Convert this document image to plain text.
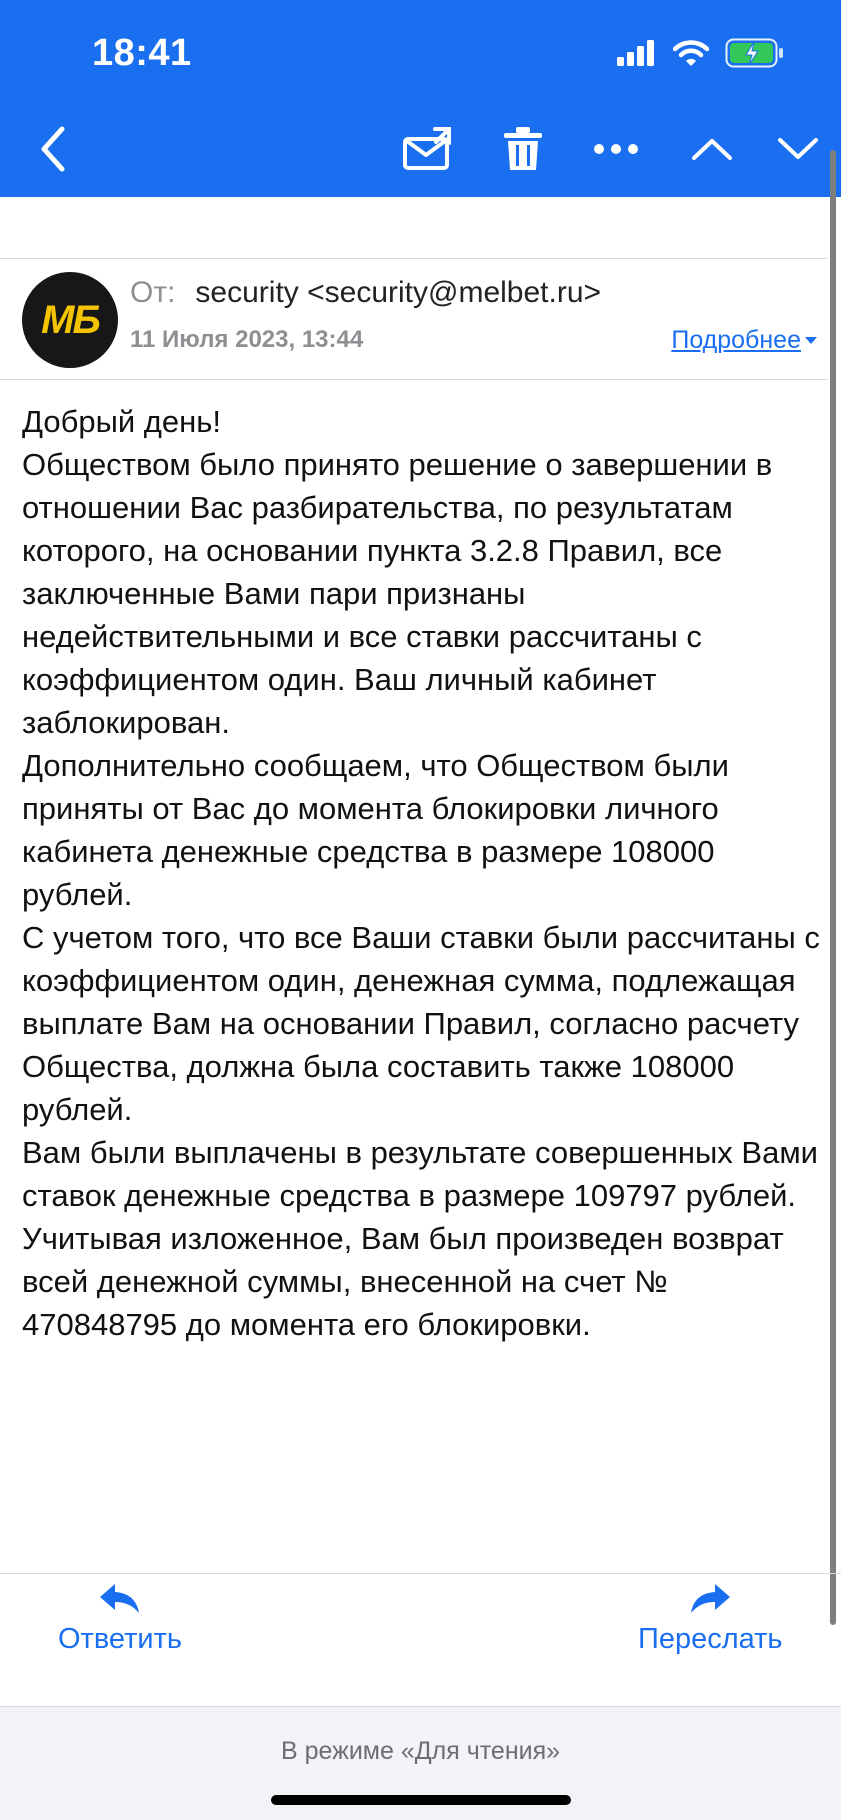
18:41
МБ
От: security <security@melbet.ru>
11 Июля 2023, 13:44	Подробнее

Добрый день!

Обществом было принято решение о завершении в отношении Вас разбирательства, по результатам которого, на основании пункта 3.2.8 Правил, все заключенные Вами пари признаны недействительными и все ставки рассчитаны с коэффициентом один. Ваш личный кабинет заблокирован.

Дополнительно сообщаем, что Обществом были приняты от Вас до момента блокировки личного кабинета денежные средства в размере 108000 рублей.

С учетом того, что все Ваши ставки были рассчитаны с коэффициентом один, денежная сумма, подлежащая выплате Вам на основании Правил, согласно расчету Общества, должна была составить также 108000 рублей.

Вам были выплачены в результате совершенных Вами ставок денежные средства в размере 109797 рублей.

Учитывая изложенное, Вам был произведен возврат всей денежной суммы, внесенной на счет № 470848795 до момента его блокировки.

Ответить	Переслать
В режиме «Для чтения»
